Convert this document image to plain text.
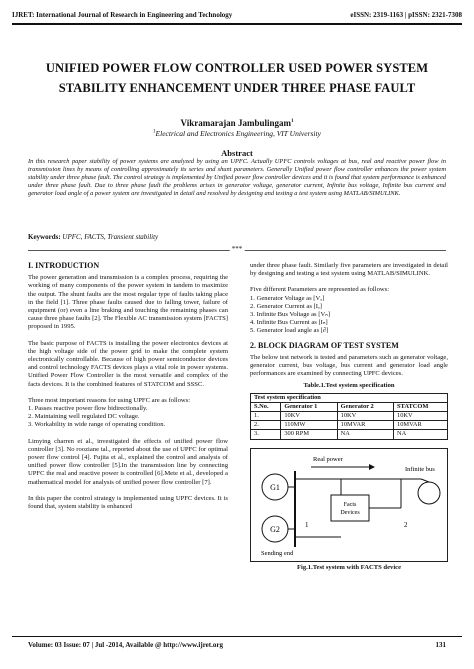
IJRET: International Journal of Research in Engineering and Technology	eISSN: 2319-1163 | pISSN: 2321-7308
UNIFIED POWER FLOW CONTROLLER USED POWER SYSTEM
STABILITY ENHANCEMENT UNDER THREE PHASE FAULT
Vikramarajan Jambulingam$^1$
$^1$Electrical and Electronics Engineering, VIT University
Abstract
In this research paper stability of power systems are analyzed by using an UPFC. Actually UPFC controls voltages at bus, real and reactive power flow in transmission lines by means of controlling approximately its series and shunt parameters. Generally Unified power flow controller enhances the power system stability under three phase fault. The control strategy is implemented by Unified power flow controller devices and it is found that system performance is enhanced under three phase fault. Due to three phase fault the problems arises in generator voltage, generator current, Infinite bus voltage, Infinite bus current and generator load angle of a power system are investigated in detail and resolved by designing and testing a test system using MATLAB/SIMULINK.
Keywords: UPFC, FACTS, Transient stability
***
I. INTRODUCTION

The power generation and transmission is a complex process, requiring the working of many components of the power system in tandem to maximize the output. The shunt faults are the most regular type of faults taking place in the field [1]. Three phase faults caused due to falling tower, failure of equipment (or) even a line braking and touching the remaining phases can cause three phase faults [2]. The Flexible AC transmission system [FACTS] proposed in 1995.

The basic purpose of FACTS is installing the power electronics devices at the high voltage side of the power grid to make the complete system electronically controllable. Because of high power semiconductor devices and control technology FACTS devices plays a vital role in power systems. Unified Power Flow Controller is the most versatile and complex of the facts devices. It is the combined features of STATCOM and SSSC.

Three most important reasons for using UPFC are as follows:

1. Passes reactive power flow bidirectionally.
2. Maintaining well regulated DC voltage.
3. Workability in wide range of operating condition.

Limying charren et al., investigated the effects of unified power flow controller [3]. No rooziane tal., reported about the use of UPFC for optimal power flow control [4]. Fujita et al., explained the control and analysis of unified power flow controller [5].In the transmission line by connecting UPFC the real and reactive power is controlled [6].Mete et al., developed a mathematical model for analysis of unified power flow controller [7].

In this paper the control strategy is implemented using UPFC devices. It is found that, system stability is enhanced

under three phase fault. Similarly five parameters are investigated in detail by designing and testing a test system using MATLAB/SIMULINK.

Five different Parameters are represented as follows:

1. Generator Voltage as [Vₐ]
2. Generator Current as [Iₐ]
3. Infinite Bus Voltage as [Vₙ]
4. Infinite Bus Current as [Iₙ]
5. Generator load angle as [∂]
2. BLOCK DIAGRAM OF TEST SYSTEM

The below test network is tested and parameters such as generator voltage, generator current, bus voltage, bus current and generator load angle performances are examined by connecting UPFC devices.

Table.1.Test system specification
Test system specification			
S.No.	Generator 1	Generator 2	STATCOM
1.	10KV	10KV	10KV
2.	110MW	10MVAR	10MVAR
3.	300 RPM	NA	NA
G1
G2
Facts
Devices
Real power
Infinite bus
1	2
Sending end
Fig.1.Test system with FACTS device
Volume: 03 Issue: 07 | Jul -2014, Available @ http://www.ijret.org	131
